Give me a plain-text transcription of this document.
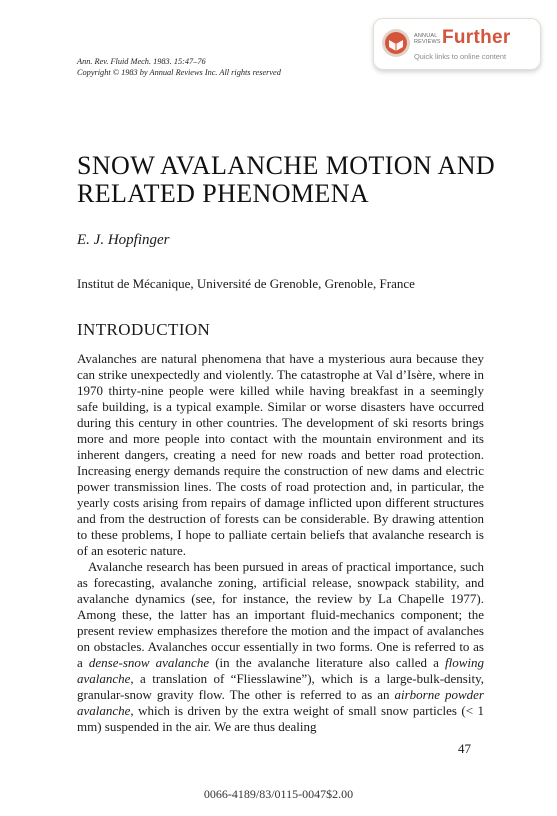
Ann. Rev. Fluid Mech. 1983. 15:47–76
Copyright © 1983 by Annual Reviews Inc. All rights reserved
ANNUAL REVIEWS Further
Quick links to online content
SNOW AVALANCHE MOTION AND RELATED PHENOMENA
E. J. Hopfinger
Institut de Mécanique, Université de Grenoble, Grenoble, France
INTRODUCTION

Avalanches are natural phenomena that have a mysterious aura because they can strike unexpectedly and violently. The catastrophe at Val d’Isère, where in 1970 thirty-nine people were killed while having breakfast in a seemingly safe building, is a typical example. Similar or worse disasters have occurred during this century in other countries. The development of ski resorts brings more and more people into contact with the mountain environment and its inherent dangers, creating a need for new roads and better road protection. Increasing energy demands require the construction of new dams and electric power transmission lines. The costs of road protection and, in particular, the yearly costs arising from repairs of damage inflicted upon different structures and from the destruction of forests can be considerable. By drawing attention to these problems, I hope to palliate certain beliefs that avalanche research is of an esoteric nature.

Avalanche research has been pursued in areas of practical importance, such as forecasting, avalanche zoning, artificial release, snowpack stability, and avalanche dynamics (see, for instance, the review by La Chapelle 1977). Among these, the latter has an important fluid-mechanics component; the present review emphasizes therefore the motion and the impact of avalanches on obstacles. Avalanches occur essentially in two forms. One is referred to as a dense-snow avalanche (in the avalanche literature also called a flowing avalanche, a translation of “Fliesslawine”), which is a large-bulk-density, granular-snow gravity flow. The other is referred to as an airborne powder avalanche, which is driven by the extra weight of small snow particles (< 1 mm) suspended in the air. We are thus dealing

47
0066-4189/83/0115-0047$2.00
